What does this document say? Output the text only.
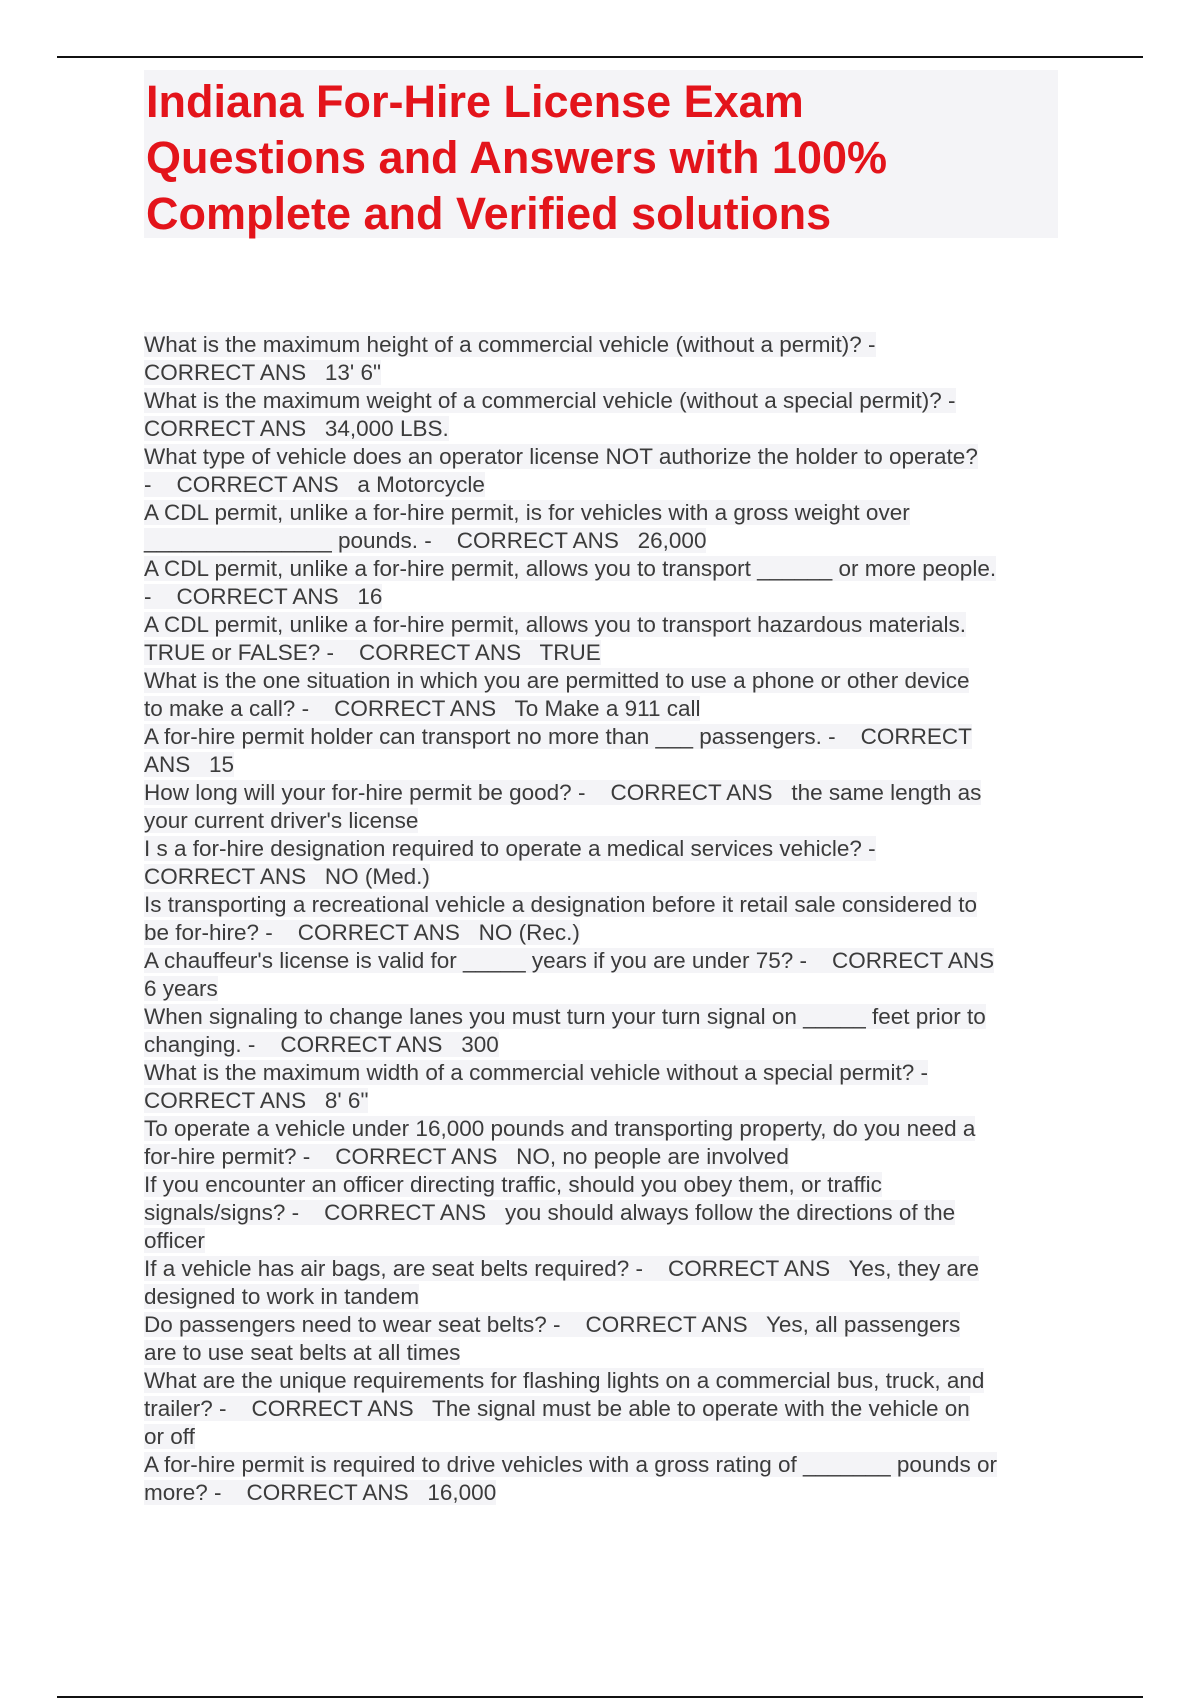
Indiana For-Hire License Exam
Questions and Answers with 100%
Complete and Verified solutions
What is the maximum height of a commercial vehicle (without a permit)? -
CORRECT ANS   13' 6"
What is the maximum weight of a commercial vehicle (without a special permit)? -
CORRECT ANS   34,000 LBS.
What type of vehicle does an operator license NOT authorize the holder to operate?
-    CORRECT ANS   a Motorcycle
A CDL permit, unlike a for-hire permit, is for vehicles with a gross weight over
_______________ pounds. -    CORRECT ANS   26,000
A CDL permit, unlike a for-hire permit, allows you to transport ______ or more people.
-    CORRECT ANS   16
A CDL permit, unlike a for-hire permit, allows you to transport hazardous materials.
TRUE or FALSE? -    CORRECT ANS   TRUE
What is the one situation in which you are permitted to use a phone or other device
to make a call? -    CORRECT ANS   To Make a 911 call
A for-hire permit holder can transport no more than ___ passengers. -    CORRECT
ANS   15
How long will your for-hire permit be good? -    CORRECT ANS   the same length as
your current driver's license
I s a for-hire designation required to operate a medical services vehicle? -
CORRECT ANS   NO (Med.)
Is transporting a recreational vehicle a designation before it retail sale considered to
be for-hire? -    CORRECT ANS   NO (Rec.)
A chauffeur's license is valid for _____ years if you are under 75? -    CORRECT ANS
6 years
When signaling to change lanes you must turn your turn signal on _____ feet prior to
changing. -    CORRECT ANS   300
What is the maximum width of a commercial vehicle without a special permit? -
CORRECT ANS   8' 6"
To operate a vehicle under 16,000 pounds and transporting property, do you need a
for-hire permit? -    CORRECT ANS   NO, no people are involved
If you encounter an officer directing traffic, should you obey them, or traffic
signals/signs? -    CORRECT ANS   you should always follow the directions of the
officer
If a vehicle has air bags, are seat belts required? -    CORRECT ANS   Yes, they are
designed to work in tandem
Do passengers need to wear seat belts? -    CORRECT ANS   Yes, all passengers
are to use seat belts at all times
What are the unique requirements for flashing lights on a commercial bus, truck, and
trailer? -    CORRECT ANS   The signal must be able to operate with the vehicle on
or off
A for-hire permit is required to drive vehicles with a gross rating of _______ pounds or
more? -    CORRECT ANS   16,000
